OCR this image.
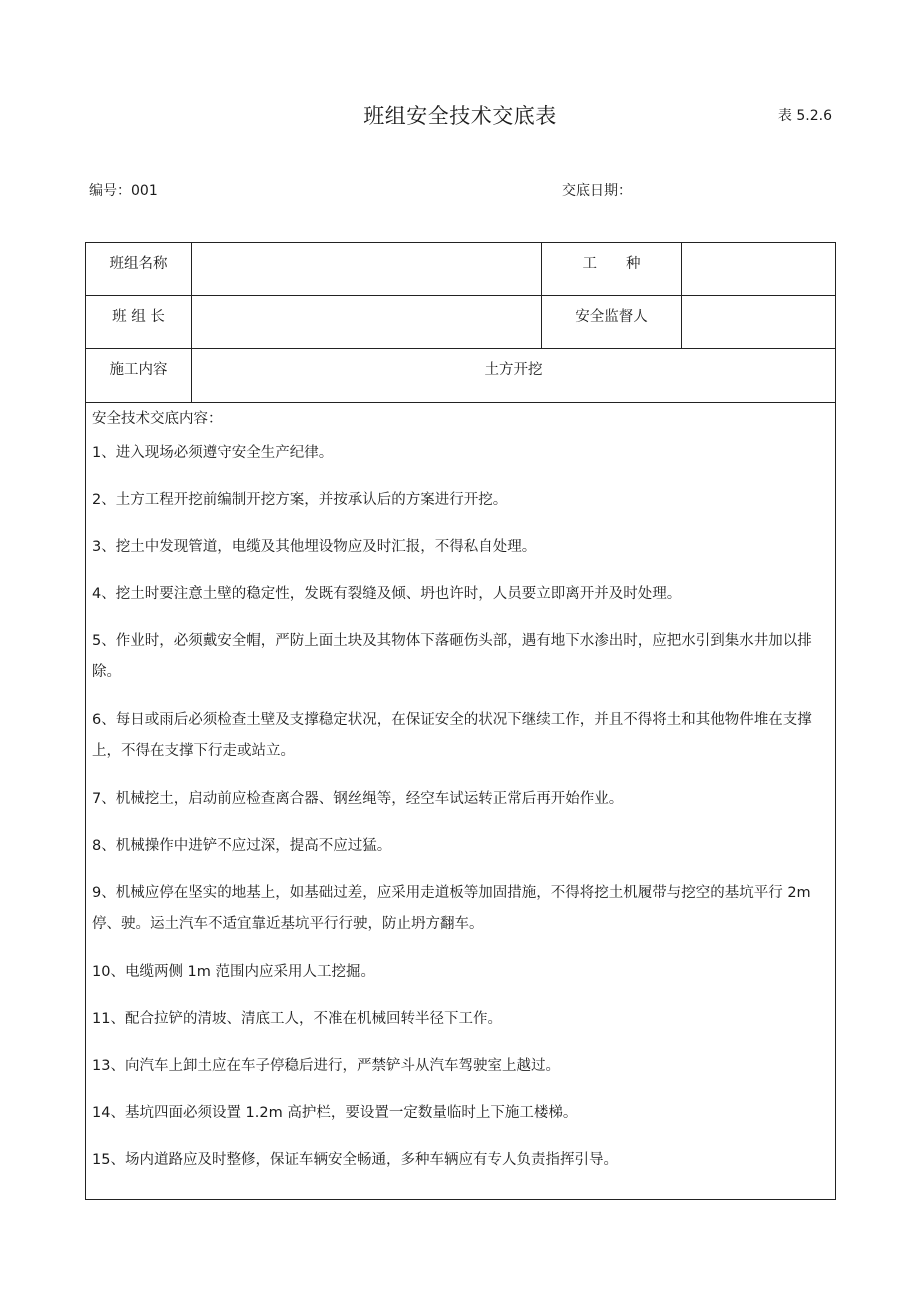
班组安全技术交底表	表 5.2.6
编号：001	交底日期：
班组名称	工　　种
班 组 长	安全监督人
施工内容	土方开挖
安全技术交底内容：
1、进入现场必须遵守安全生产纪律。
2、土方工程开挖前编制开挖方案，并按承认后的方案进行开挖。
3、挖土中发现管道，电缆及其他埋设物应及时汇报，不得私自处理。
4、挖土时要注意土壁的稳定性，发既有裂缝及倾、坍也许时，人员要立即离开并及时处理。
5、作业时，必须戴安全帽，严防上面土块及其物体下落砸伤头部，遇有地下水渗出时，应把水引到集水井加以排除。
6、每日或雨后必须检查土壁及支撑稳定状况，在保证安全的状况下继续工作，并且不得将土和其他物件堆在支撑上，不得在支撑下行走或站立。
7、机械挖土，启动前应检查离合器、钢丝绳等，经空车试运转正常后再开始作业。
8、机械操作中进铲不应过深，提高不应过猛。
9、机械应停在坚实的地基上，如基础过差，应采用走道板等加固措施，不得将挖土机履带与挖空的基坑平行 2m 停、驶。运土汽车不适宜靠近基坑平行行驶，防止坍方翻车。
10、电缆两侧 1m 范围内应采用人工挖掘。
11、配合拉铲的清坡、清底工人，不准在机械回转半径下工作。
13、向汽车上卸土应在车子停稳后进行，严禁铲斗从汽车驾驶室上越过。
14、基坑四面必须设置 1.2m 高护栏，要设置一定数量临时上下施工楼梯。
15、场内道路应及时整修，保证车辆安全畅通，多种车辆应有专人负责指挥引导。
